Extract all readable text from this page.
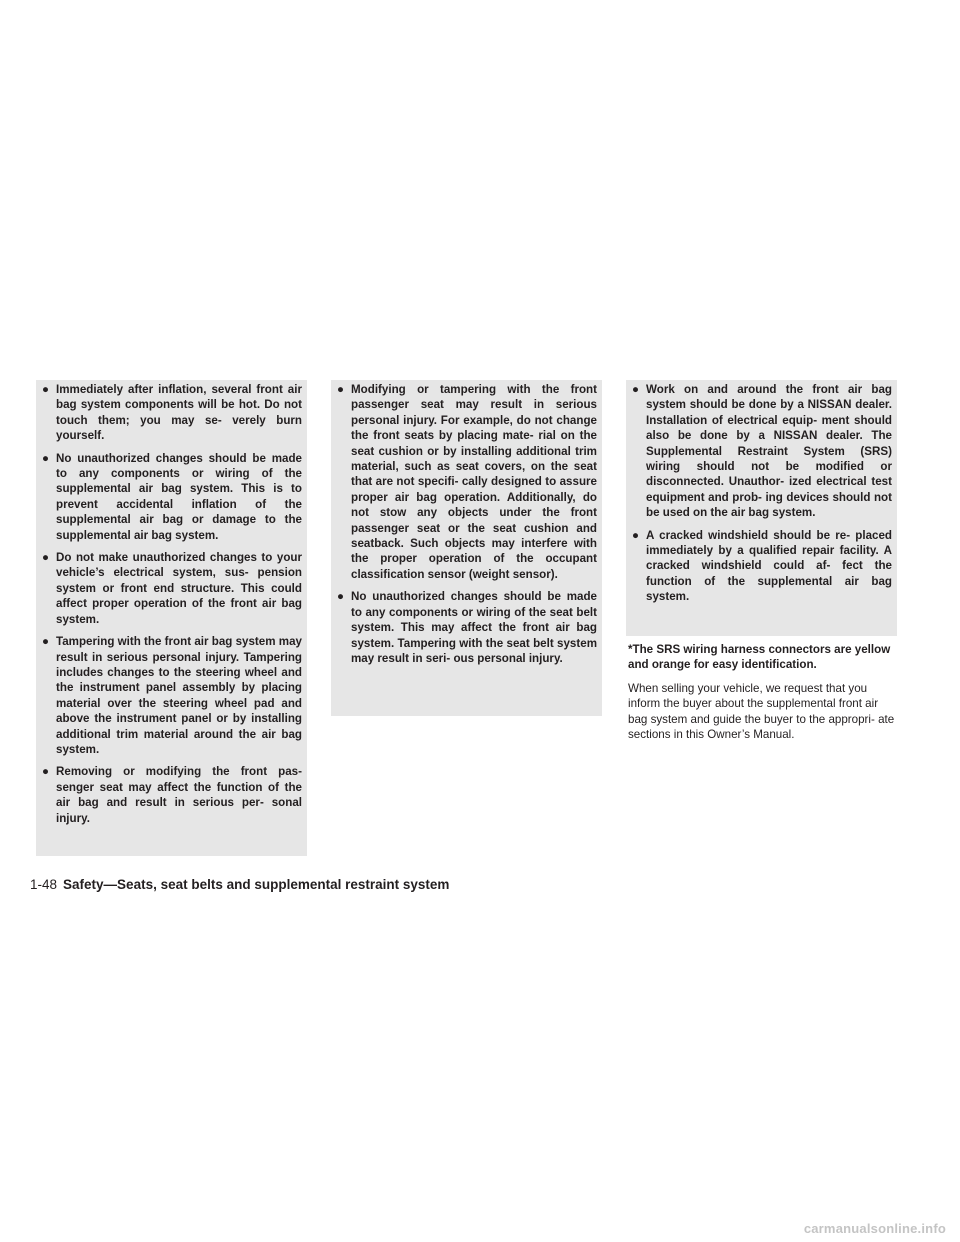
● Immediately after inflation, several front air bag system components will be hot. Do not touch them; you may se- verely burn yourself.
● No unauthorized changes should be made to any components or wiring of the supplemental air bag system. This is to prevent accidental inflation of the supplemental air bag or damage to the supplemental air bag system.
● Do not make unauthorized changes to your vehicle’s electrical system, sus- pension system or front end structure. This could affect proper operation of the front air bag system.
● Tampering with the front air bag system may result in serious personal injury. Tampering includes changes to the steering wheel and the instrument panel assembly by placing material over the steering wheel pad and above the instrument panel or by installing additional trim material around the air bag system.
● Removing or modifying the front pas- senger seat may affect the function of the air bag and result in serious per- sonal injury.
● Modifying or tampering with the front passenger seat may result in serious personal injury. For example, do not change the front seats by placing mate- rial on the seat cushion or by installing additional trim material, such as seat covers, on the seat that are not specifi- cally designed to assure proper air bag operation. Additionally, do not stow any objects under the front passenger seat or the seat cushion and seatback. Such objects may interfere with the proper operation of the occupant classification sensor (weight sensor).
● No unauthorized changes should be made to any components or wiring of the seat belt system. This may affect the front air bag system. Tampering with the seat belt system may result in seri- ous personal injury.
● Work on and around the front air bag system should be done by a NISSAN dealer. Installation of electrical equip- ment should also be done by a NISSAN dealer. The Supplemental Restraint System (SRS) wiring should not be modified or disconnected. Unauthor- ized electrical test equipment and prob- ing devices should not be used on the air bag system.
● A cracked windshield should be re- placed immediately by a qualified repair facility. A cracked windshield could af- fect the function of the supplemental air bag system.

*The SRS wiring harness connectors are yellow and orange for easy identification.

When selling your vehicle, we request that you inform the buyer about the supplemental front air bag system and guide the buyer to the appropri- ate sections in this Owner’s Manual.

1-48 Safety—Seats, seat belts and supplemental restraint system
carmanualsonline.info
